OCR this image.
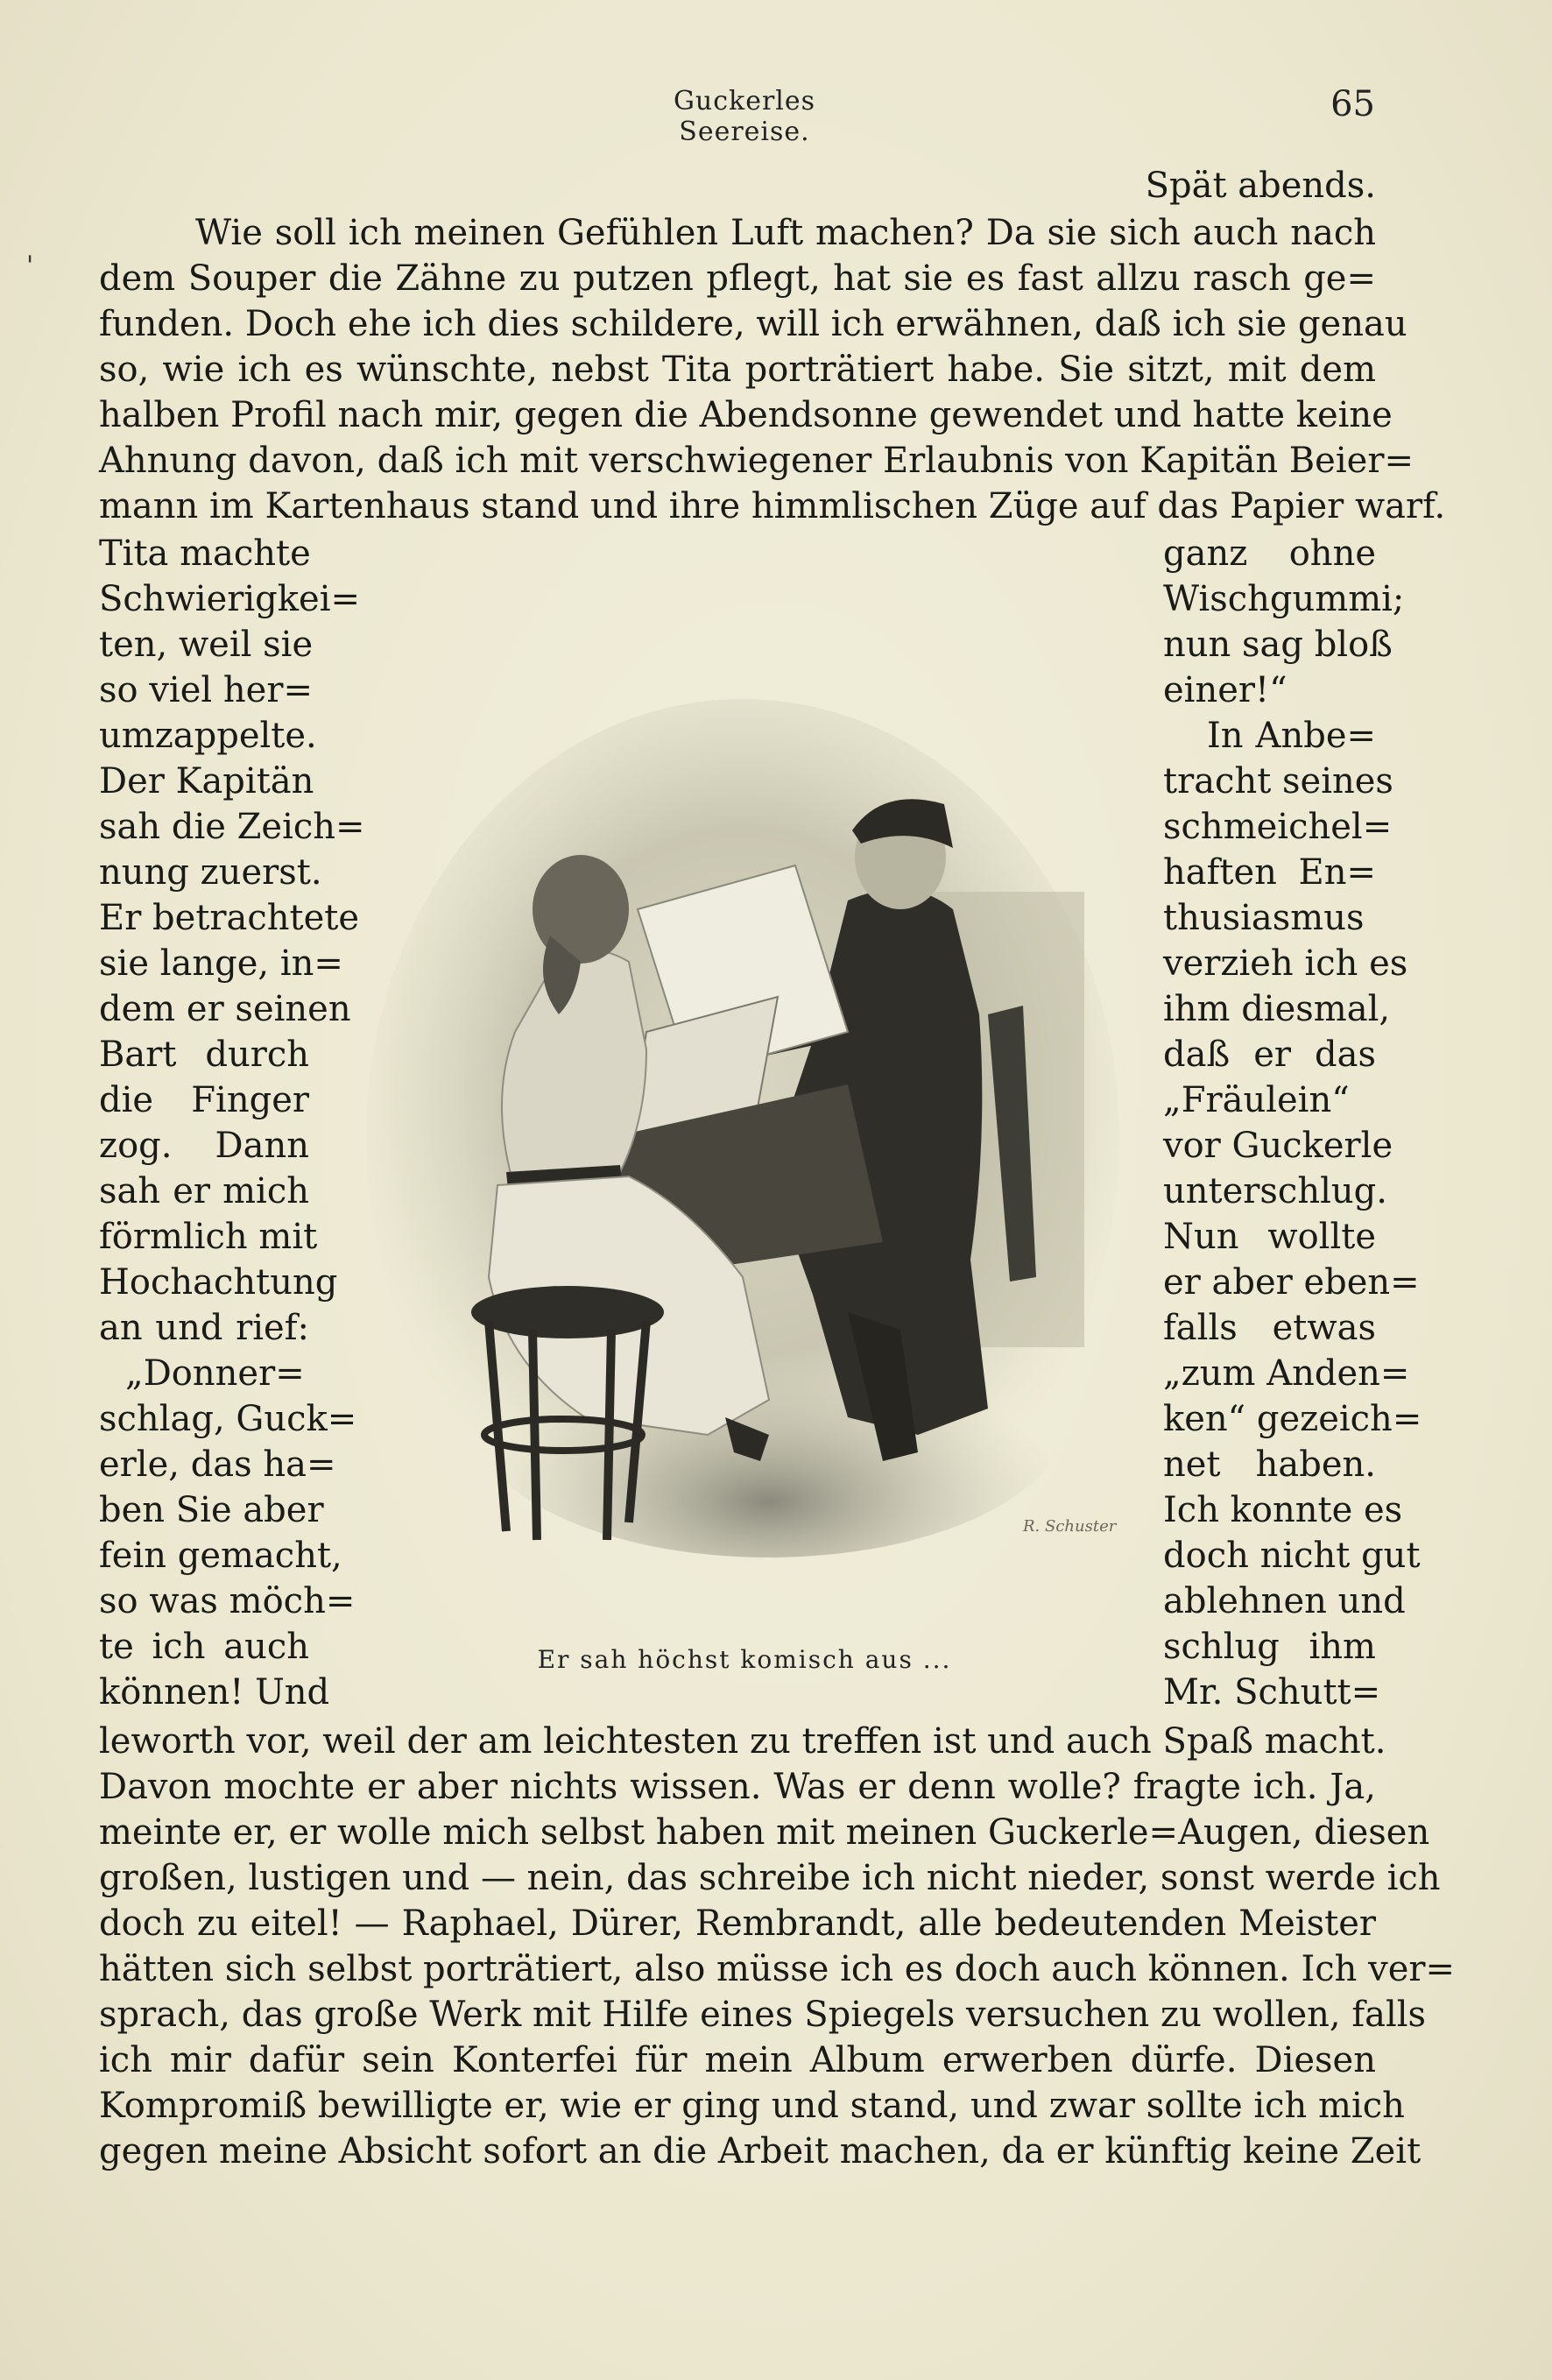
Guckerles Seereise.
65
'
Spät abends.
Wie soll ich meinen Gefühlen Luft machen? Da sie sich auch nach
dem Souper die Zähne zu putzen pflegt, hat sie es fast allzu rasch ge=
funden. Doch ehe ich dies schildere, will ich erwähnen, daß ich sie genau
so, wie ich es wünschte, nebst Tita porträtiert habe. Sie sitzt, mit dem
halben Profil nach mir, gegen die Abendsonne gewendet und hatte keine
Ahnung davon, daß ich mit verschwiegener Erlaubnis von Kapitän Beier=
mann im Kartenhaus stand und ihre himmlischen Züge auf das Papier warf.
Tita machte
Schwierigkei=
ten, weil sie
so viel her=
umzappelte.
Der Kapitän
sah die Zeich=
nung zuerst.
Er betrachtete
sie lange, in=
dem er seinen
Bart durch
die Finger
zog. Dann
sah er mich
förmlich mit
Hochachtung
an und rief:
„Donner=
schlag, Guck=
erle, das ha=
ben Sie aber
fein gemacht,
so was möch=
te ich auch
können! Und
ganz ohne
Wischgummi;
nun sag bloß
einer!“
In Anbe=
tracht seines
schmeichel=
haften En=
thusiasmus
verzieh ich es
ihm diesmal,
daß er das
„Fräulein“
vor Guckerle
unterschlug.
Nun wollte
er aber eben=
falls etwas
„zum Anden=
ken“ gezeich=
net haben.
Ich konnte es
doch nicht gut
ablehnen und
schlug ihm
Mr. Schutt=
R. Schuster
Er sah höchst komisch aus ...
leworth vor, weil der am leichtesten zu treffen ist und auch Spaß macht.
Davon mochte er aber nichts wissen. Was er denn wolle? fragte ich. Ja,
meinte er, er wolle mich selbst haben mit meinen Guckerle=Augen, diesen
großen, lustigen und — nein, das schreibe ich nicht nieder, sonst werde ich
doch zu eitel! — Raphael, Dürer, Rembrandt, alle bedeutenden Meister
hätten sich selbst porträtiert, also müsse ich es doch auch können. Ich ver=
sprach, das große Werk mit Hilfe eines Spiegels versuchen zu wollen, falls
ich mir dafür sein Konterfei für mein Album erwerben dürfe. Diesen
Kompromiß bewilligte er, wie er ging und stand, und zwar sollte ich mich
gegen meine Absicht sofort an die Arbeit machen, da er künftig keine Zeit
